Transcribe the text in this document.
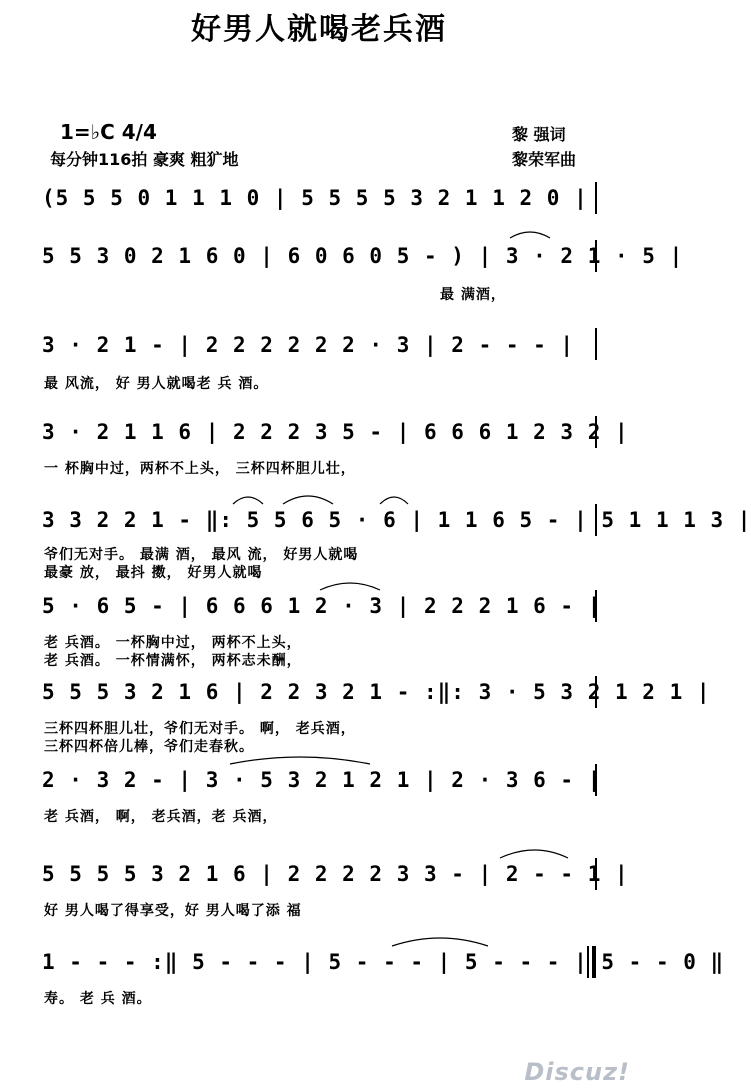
好男人就喝老兵酒
1=♭C 4/4
每分钟116拍 豪爽 粗犷地
黎 强词
黎荣军曲
(5 5 5 0 1 1 1 0 | 5 5 5 5 3 2 1 1 2 0 |
5 5 3 0 2 1 6 0 | 6 0 6 0 5 - ) | 3 · 2 1 · 5 |
最 满酒，
3 · 2 1 - | 2 2 2 2 2 2 · 3 | 2 - - - |
最 风流， 好 男人就喝老 兵 酒。
3 · 2 1 1 6 | 2 2 2 3 5 - | 6 6 6 1 2 3 2 |
一 杯胸中过，两杯不上头， 三杯四杯胆儿壮，
3 3 2 2 1 - ‖: 5 5 6 5 · 6 | 1 1 6 5 - | 5 1 1 1 3 |
爷们无对手。 最满 酒， 最风 流， 好男人就喝
最豪 放， 最抖 擞， 好男人就喝
5 · 6 5 - | 6 6 6 1 2 · 3 | 2 2 2 1 6 - |
老 兵酒。 一杯胸中过， 两杯不上头，
老 兵酒。 一杯情满怀， 两杯志未酬，
5 5 5 3 2 1 6 | 2 2 3 2 1 - :‖: 3 · 5 3 2 1 2 1 |
三杯四杯胆儿壮，爷们无对手。 啊， 老兵酒，
三杯四杯倍儿棒，爷们走春秋。
2 · 3 2 - | 3 · 5 3 2 1 2 1 | 2 · 3 6 - |
老 兵酒， 啊， 老兵酒，老 兵酒，
5 5 5 5 3 2 1 6 | 2 2 2 2 3 3 - | 2 - - 1 |
好 男人喝了得享受，好 男人喝了添 福
1 - - - :‖ 5 - - - | 5 - - - | 5 - - - | 5 - - 0 ‖
寿。 老 兵 酒。
Discuz!
